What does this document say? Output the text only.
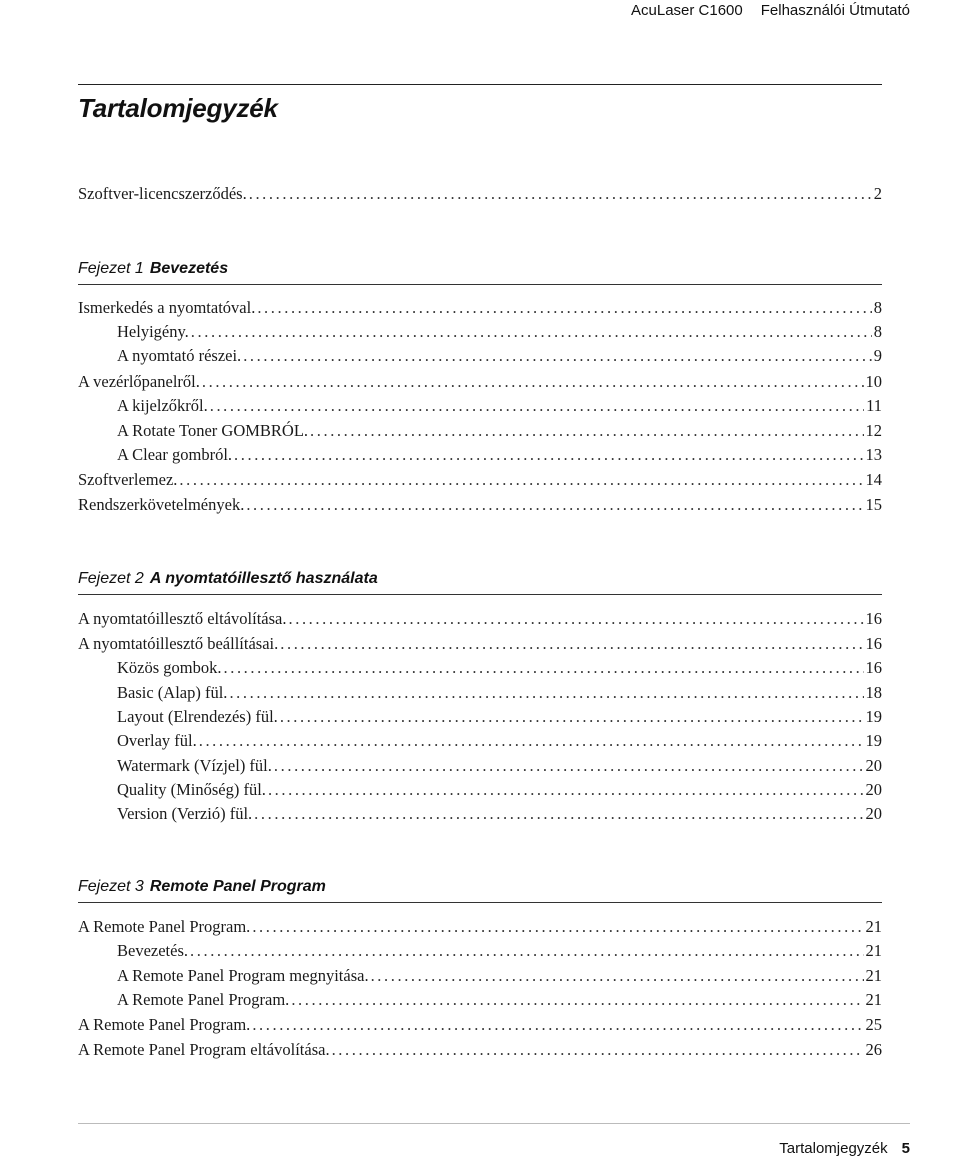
AcuLaser C1600 Felhasználói Útmutató
Tartalomjegyzék
Szoftver-licencszerződés. .....	2
Fejezet 1 Bevezetés
Ismerkedés a nyomtatóval. .....	8
Helyigény. .....	8
A nyomtató részei. .....	9
A vezérlőpanelről. .....	10
A kijelzőkről. .....	11
A Rotate Toner GOMBRÓL. .....	12
A Clear gombról. .....	13
Szoftverlemez. .....	14
Rendszerkövetelmények. .....	15
Fejezet 2 A nyomtatóillesztő használata
A nyomtatóillesztő eltávolítása. .....	16
A nyomtatóillesztő beállításai. .....	16
Közös gombok. .....	16
Basic (Alap) fül. .....	18
Layout (Elrendezés) fül. .....	19
Overlay fül. .....	19
Watermark (Vízjel) fül. .....	20
Quality (Minőség) fül. .....	20
Version (Verzió) fül. .....	20
Fejezet 3 Remote Panel Program
A Remote Panel Program. .....	21
Bevezetés. .....	21
A Remote Panel Program megnyitása. .....	21
A Remote Panel Program. .....	21
A Remote Panel Program. .....	25
A Remote Panel Program eltávolítása. .....	26
Tartalomjegyzék 5
